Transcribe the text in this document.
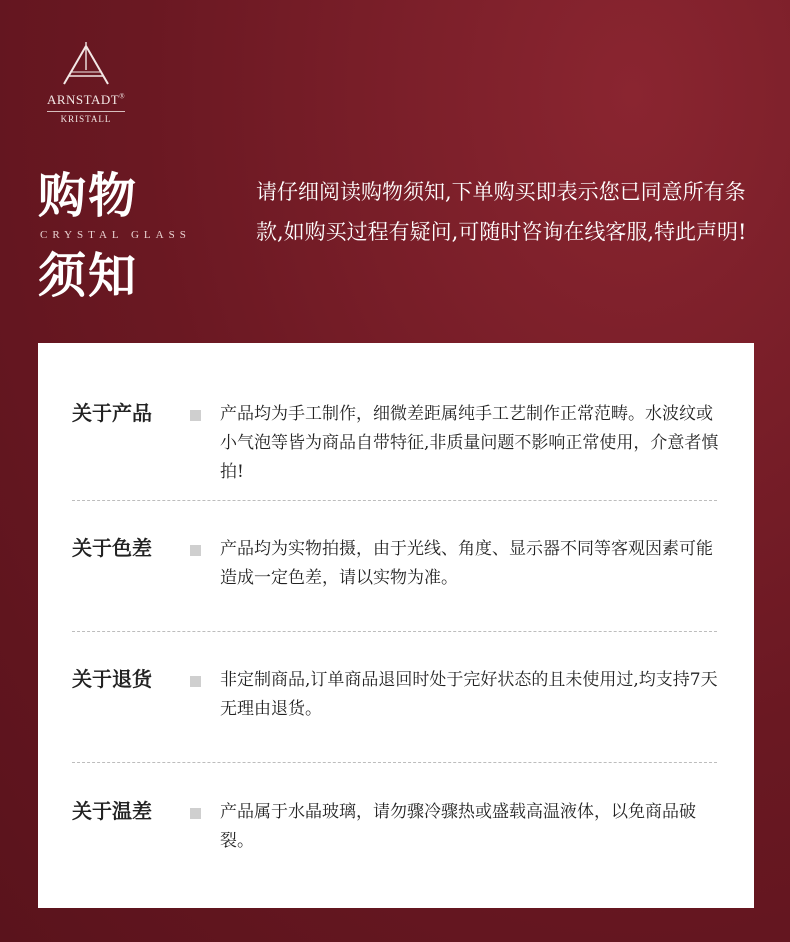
ARNSTADT®
KRISTALL
购物
CRYSTAL GLASS
须知
请仔细阅读购物须知,下单购买即表示您已同意所有条款,如购买过程有疑问,可随时咨询在线客服,特此声明!
关于产品	产品均为手工制作，细微差距属纯手工艺制作正常范畴。水波纹或小气泡等皆为商品自带特征,非质量问题不影响正常使用，介意者慎拍!
关于色差	产品均为实物拍摄，由于光线、角度、显示器不同等客观因素可能造成一定色差，请以实物为准。
关于退货	非定制商品,订单商品退回时处于完好状态的且未使用过,均支持7天无理由退货。
关于温差	产品属于水晶玻璃，请勿骤冷骤热或盛载高温液体，以免商品破裂。
